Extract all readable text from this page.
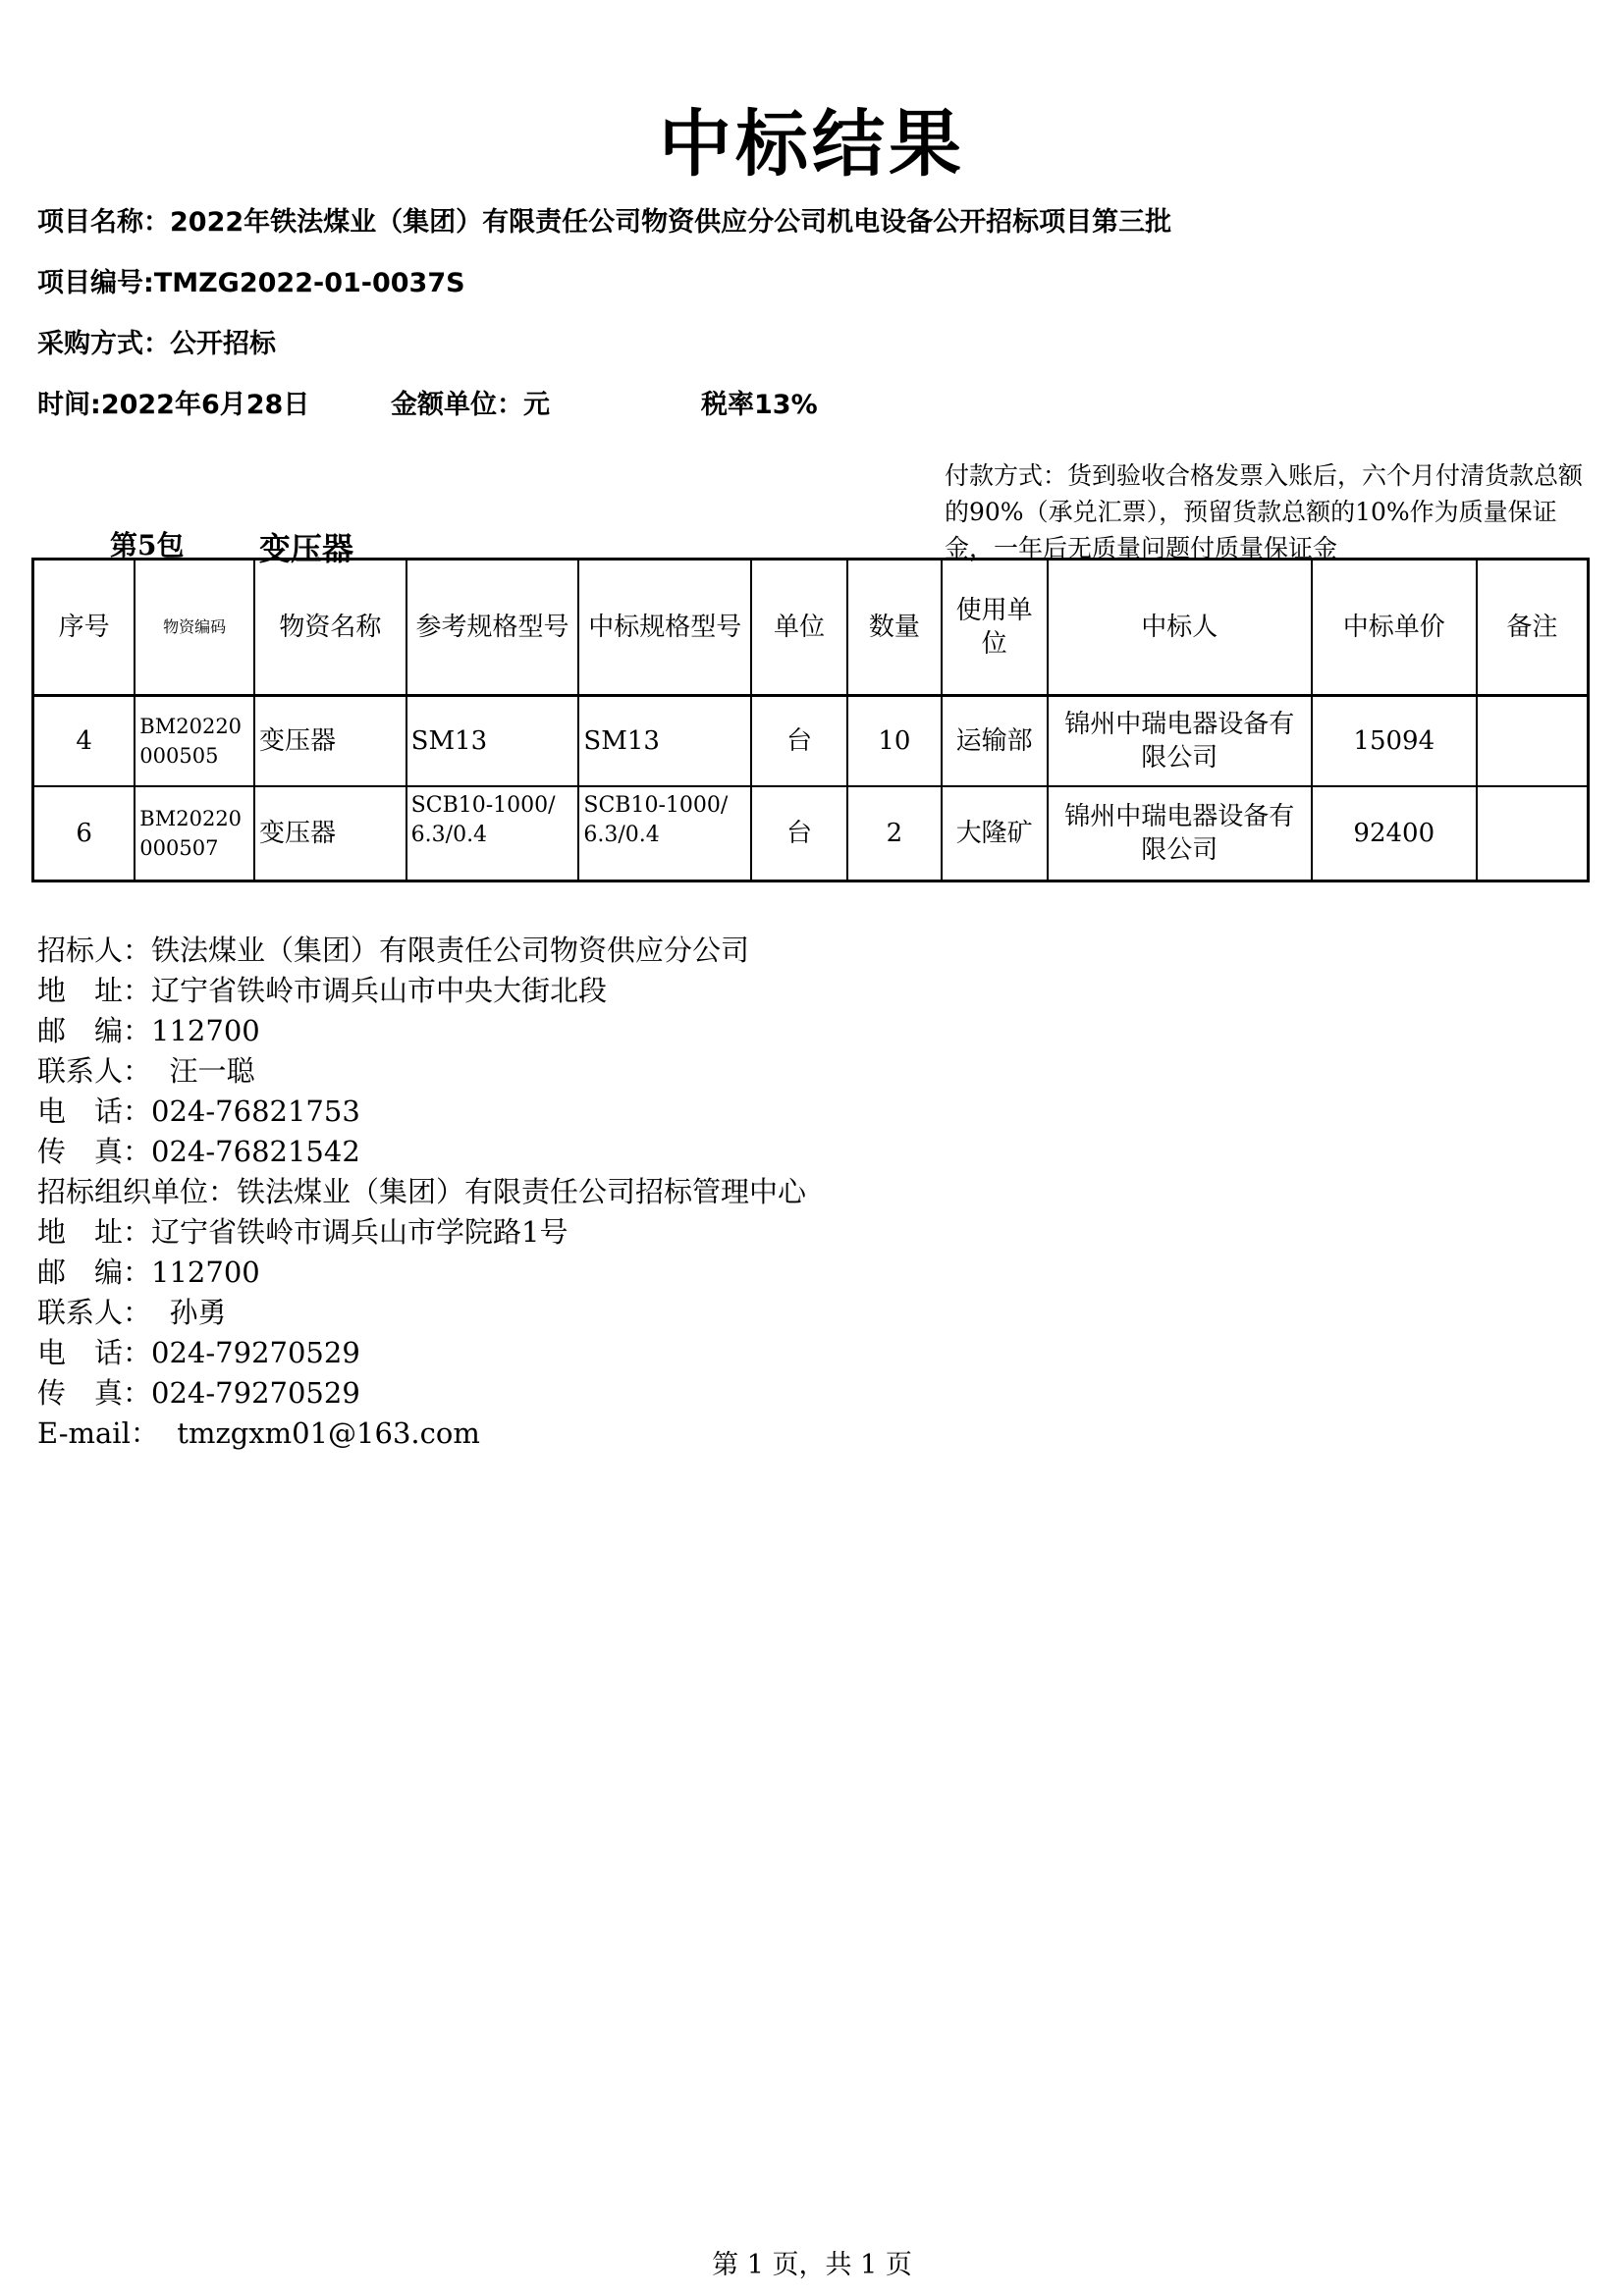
中标结果
项目名称：2022年铁法煤业（集团）有限责任公司物资供应分公司机电设备公开招标项目第三批
项目编号:TMZG2022-01-0037S
采购方式：公开招标
时间:2022年6月28日	金额单位：元	税率13%
付款方式：货到验收合格发票入账后，六个月付清货款总额的90%（承兑汇票），预留货款总额的10%作为质量保证金，一年后无质量问题付质量保证金
第5包 变压器
序号	物资编码	物资名称	参考规格型号	中标规格型号	单位	数量	使用单位	中标人	中标单价	备注
4	BM20220000505	变压器	SM13	SM13	台	10	运输部	锦州中瑞电器设备有限公司	15094	
6	BM20220000507	变压器	SCB10-1000/6.3/0.4	SCB10-1000/6.3/0.4	台	2	大隆矿	锦州中瑞电器设备有限公司	92400	
招标人：铁法煤业（集团）有限责任公司物资供应分公司
地　址：辽宁省铁岭市调兵山市中央大街北段
邮　编：112700
联系人： 汪一聪
电　话：024-76821753
传　真：024-76821542
招标组织单位：铁法煤业（集团）有限责任公司招标管理中心
地　址：辽宁省铁岭市调兵山市学院路1号
邮　编：112700
联系人： 孙勇
电　话：024-79270529
传　真：024-79270529
E-mail： tmzgxm01@163.com
第 1 页，共 1 页
